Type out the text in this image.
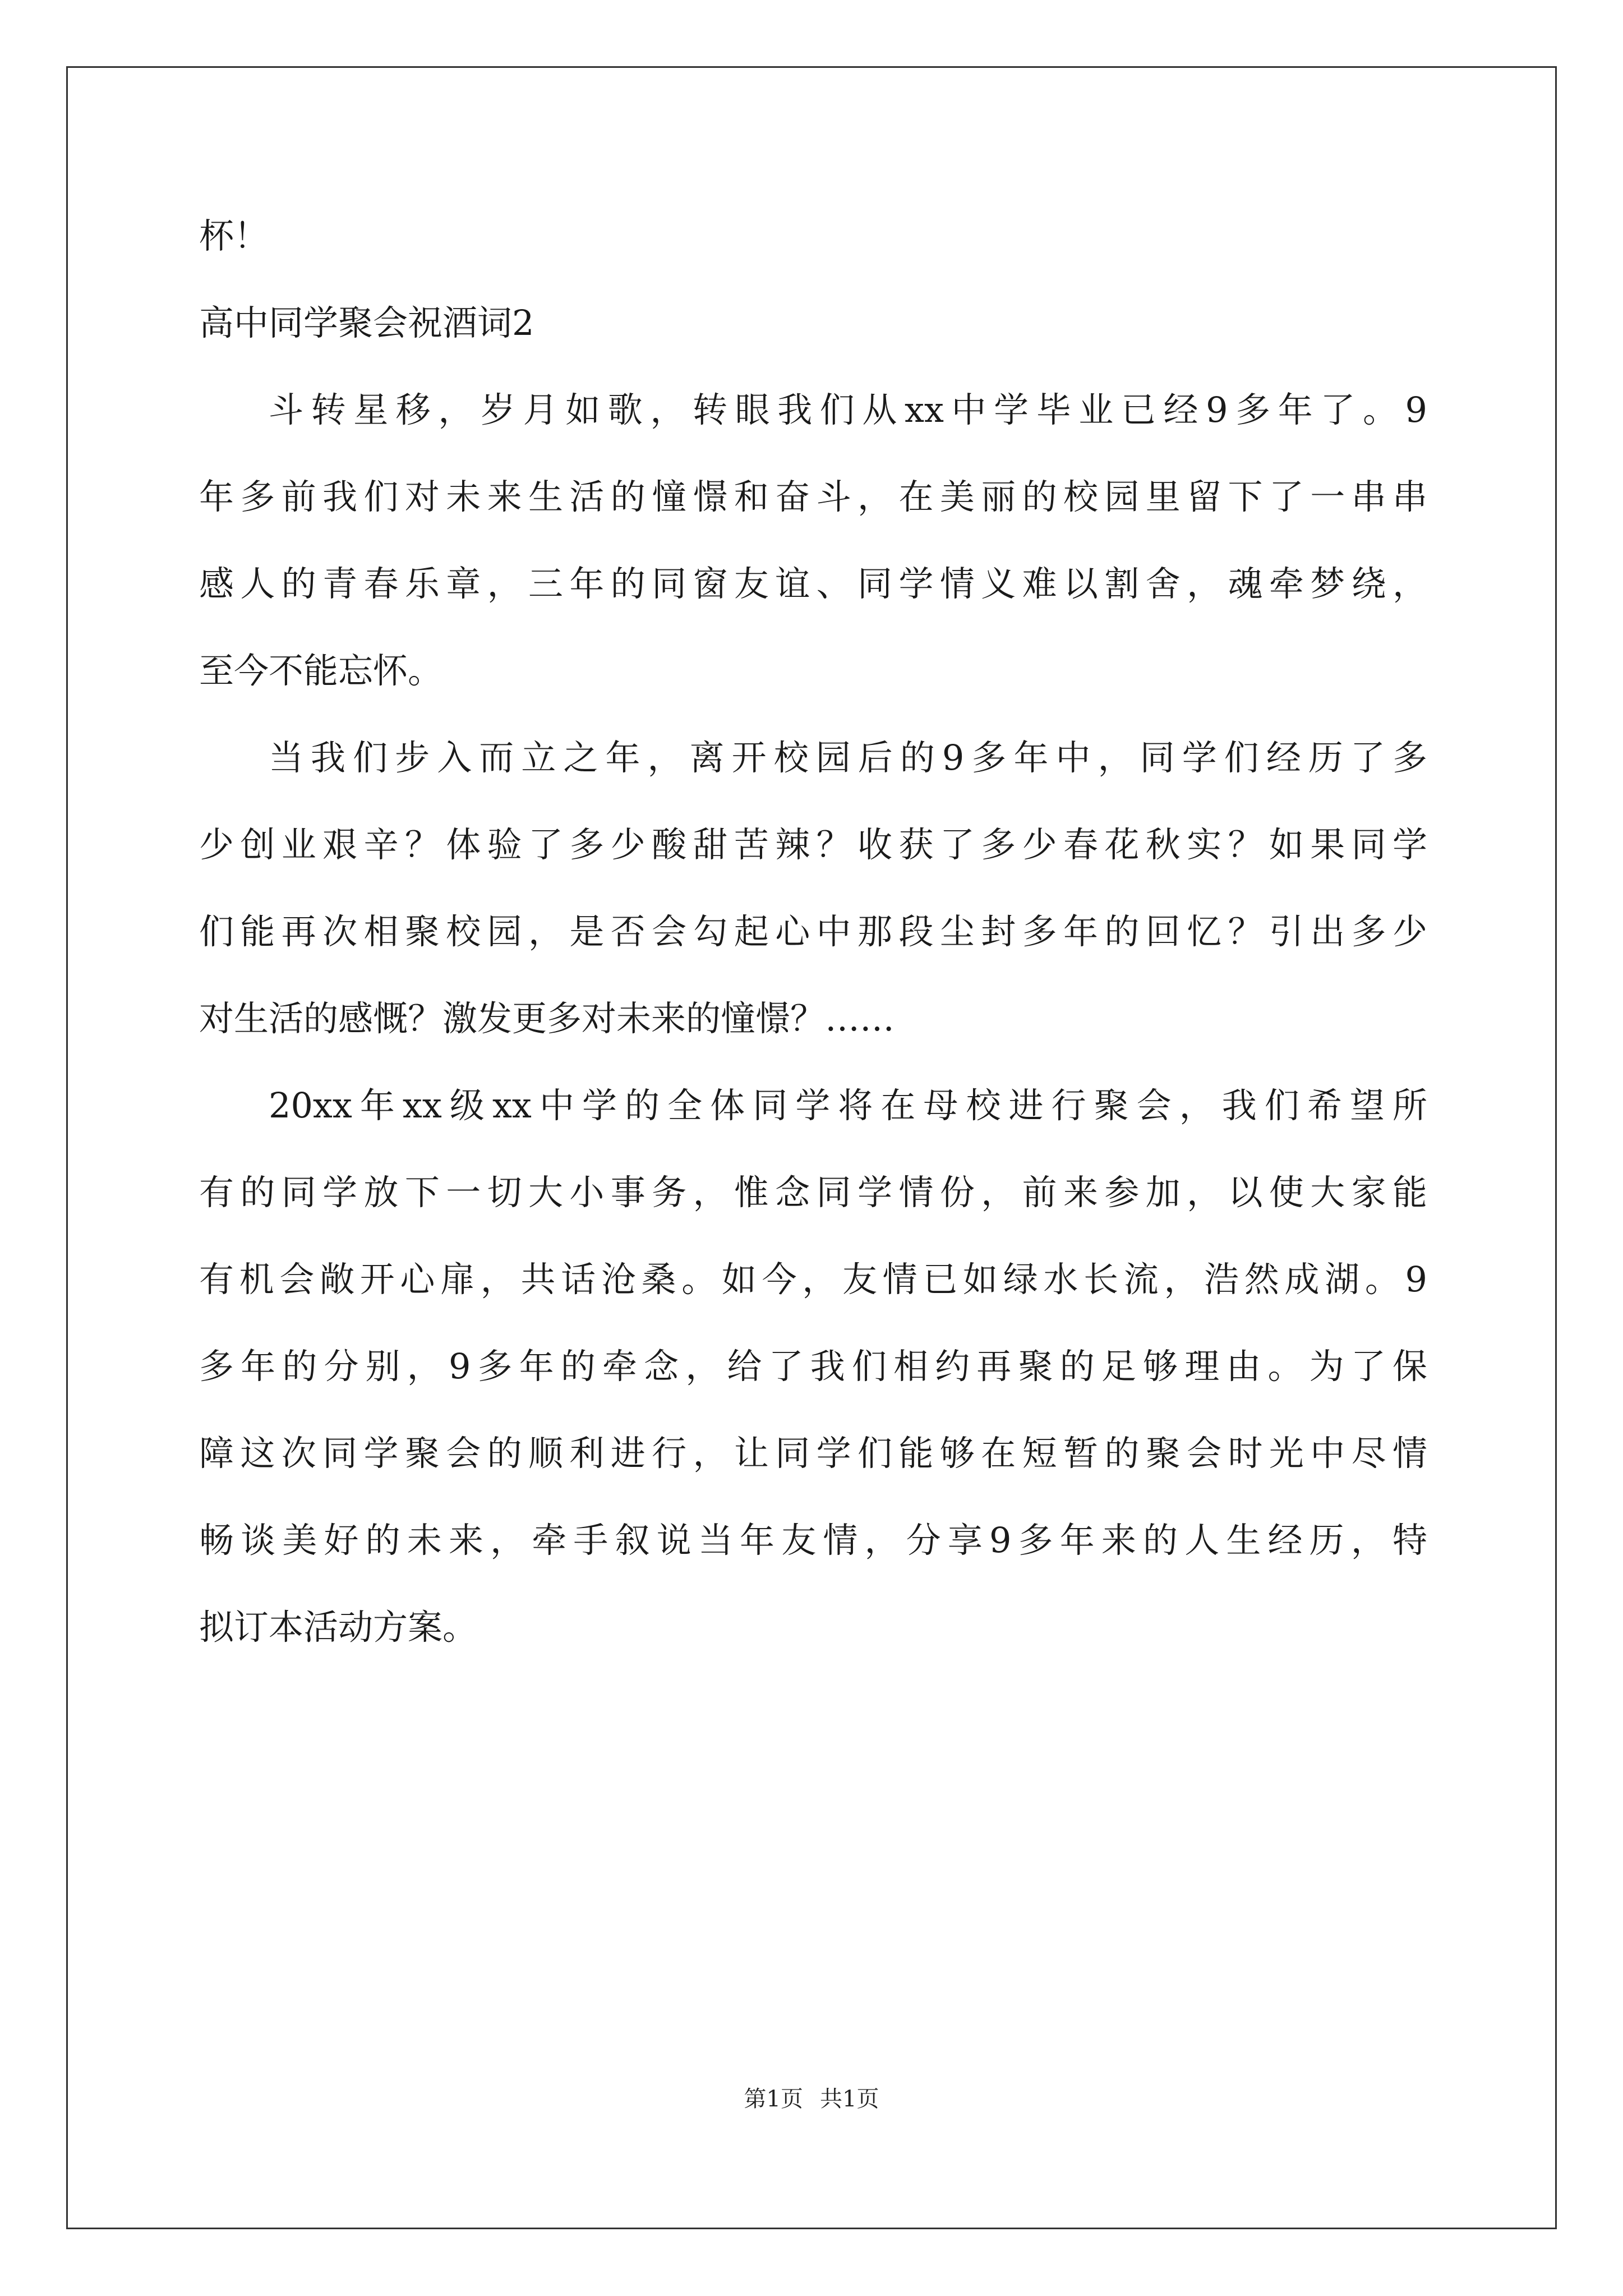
杯！
高中同学聚会祝酒词2
斗转星移，岁月如歌，转眼我们从xx中学毕业已经9多年了。9
年多前我们对未来生活的憧憬和奋斗，在美丽的校园里留下了一串串
感人的青春乐章，三年的同窗友谊、同学情义难以割舍，魂牵梦绕，
至今不能忘怀。
当我们步入而立之年，离开校园后的9多年中，同学们经历了多
少创业艰辛？体验了多少酸甜苦辣？收获了多少春花秋实？如果同学
们能再次相聚校园，是否会勾起心中那段尘封多年的回忆？引出多少
对生活的感慨？激发更多对未来的憧憬？……
20xx年xx级xx中学的全体同学将在母校进行聚会，我们希望所
有的同学放下一切大小事务，惟念同学情份，前来参加，以使大家能
有机会敞开心扉，共话沧桑。如今，友情已如绿水长流，浩然成湖。9
多年的分别，9多年的牵念，给了我们相约再聚的足够理由。为了保
障这次同学聚会的顺利进行，让同学们能够在短暂的聚会时光中尽情
畅谈美好的未来，牵手叙说当年友情，分享9多年来的人生经历，特
拟订本活动方案。
第1页 共1页
